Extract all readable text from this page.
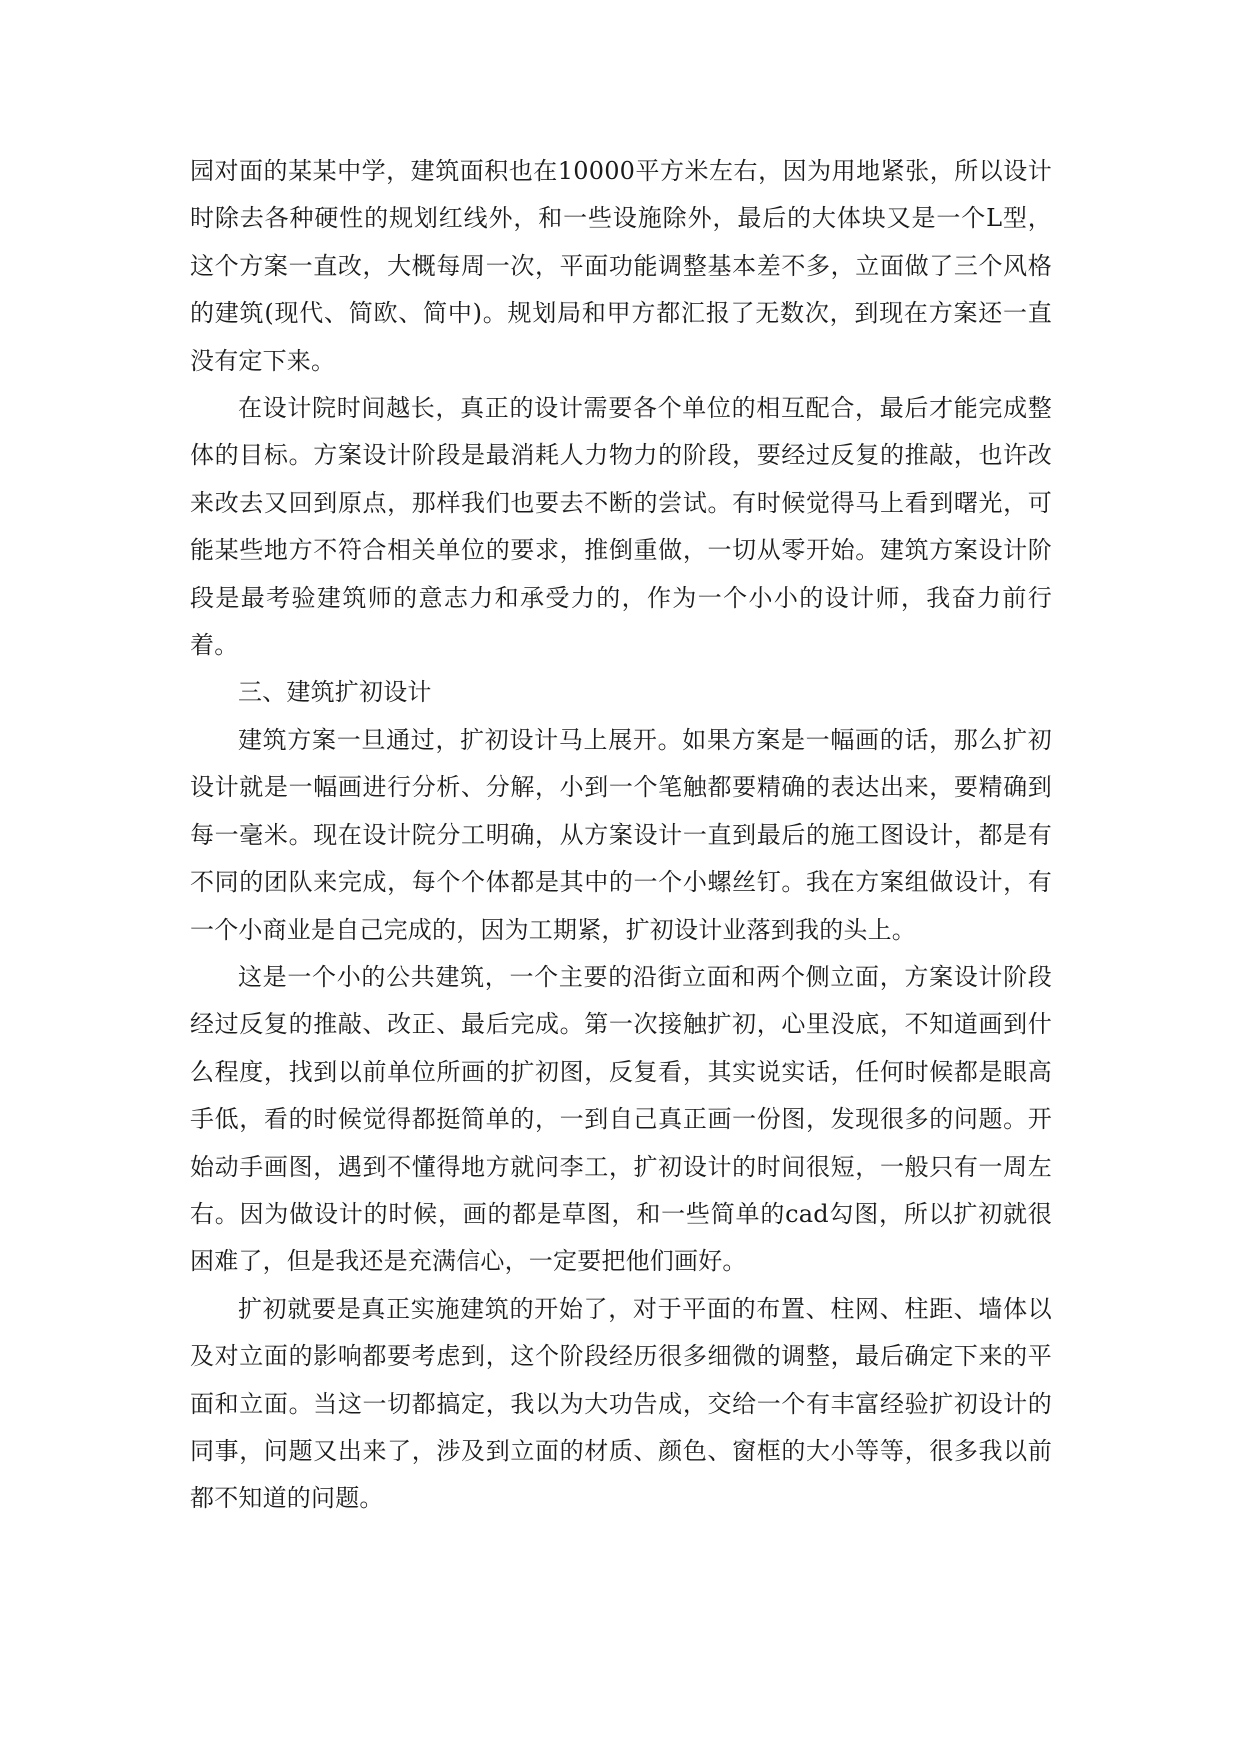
园对面的某某中学，建筑面积也在10000平方米左右，因为用地紧张，所以设计时除去各种硬性的规划红线外，和一些设施除外，最后的大体块又是一个L型，这个方案一直改，大概每周一次，平面功能调整基本差不多，立面做了三个风格的建筑(现代、简欧、简中)。规划局和甲方都汇报了无数次，到现在方案还一直没有定下来。

在设计院时间越长，真正的设计需要各个单位的相互配合，最后才能完成整体的目标。方案设计阶段是最消耗人力物力的阶段，要经过反复的推敲，也许改来改去又回到原点，那样我们也要去不断的尝试。有时候觉得马上看到曙光，可能某些地方不符合相关单位的要求，推倒重做，一切从零开始。建筑方案设计阶段是最考验建筑师的意志力和承受力的，作为一个小小的设计师，我奋力前行着。

三、建筑扩初设计

建筑方案一旦通过，扩初设计马上展开。如果方案是一幅画的话，那么扩初设计就是一幅画进行分析、分解，小到一个笔触都要精确的表达出来，要精确到每一毫米。现在设计院分工明确，从方案设计一直到最后的施工图设计，都是有不同的团队来完成，每个个体都是其中的一个小螺丝钉。我在方案组做设计，有一个小商业是自己完成的，因为工期紧，扩初设计业落到我的头上。

这是一个小的公共建筑，一个主要的沿街立面和两个侧立面，方案设计阶段经过反复的推敲、改正、最后完成。第一次接触扩初，心里没底，不知道画到什么程度，找到以前单位所画的扩初图，反复看，其实说实话，任何时候都是眼高手低，看的时候觉得都挺简单的，一到自己真正画一份图，发现很多的问题。开始动手画图，遇到不懂得地方就问李工，扩初设计的时间很短，一般只有一周左右。因为做设计的时候，画的都是草图，和一些简单的cad勾图，所以扩初就很困难了，但是我还是充满信心，一定要把他们画好。

扩初就要是真正实施建筑的开始了，对于平面的布置、柱网、柱距、墙体以及对立面的影响都要考虑到，这个阶段经历很多细微的调整，最后确定下来的平面和立面。当这一切都搞定，我以为大功告成，交给一个有丰富经验扩初设计的同事，问题又出来了，涉及到立面的材质、颜色、窗框的大小等等，很多我以前都不知道的问题。
